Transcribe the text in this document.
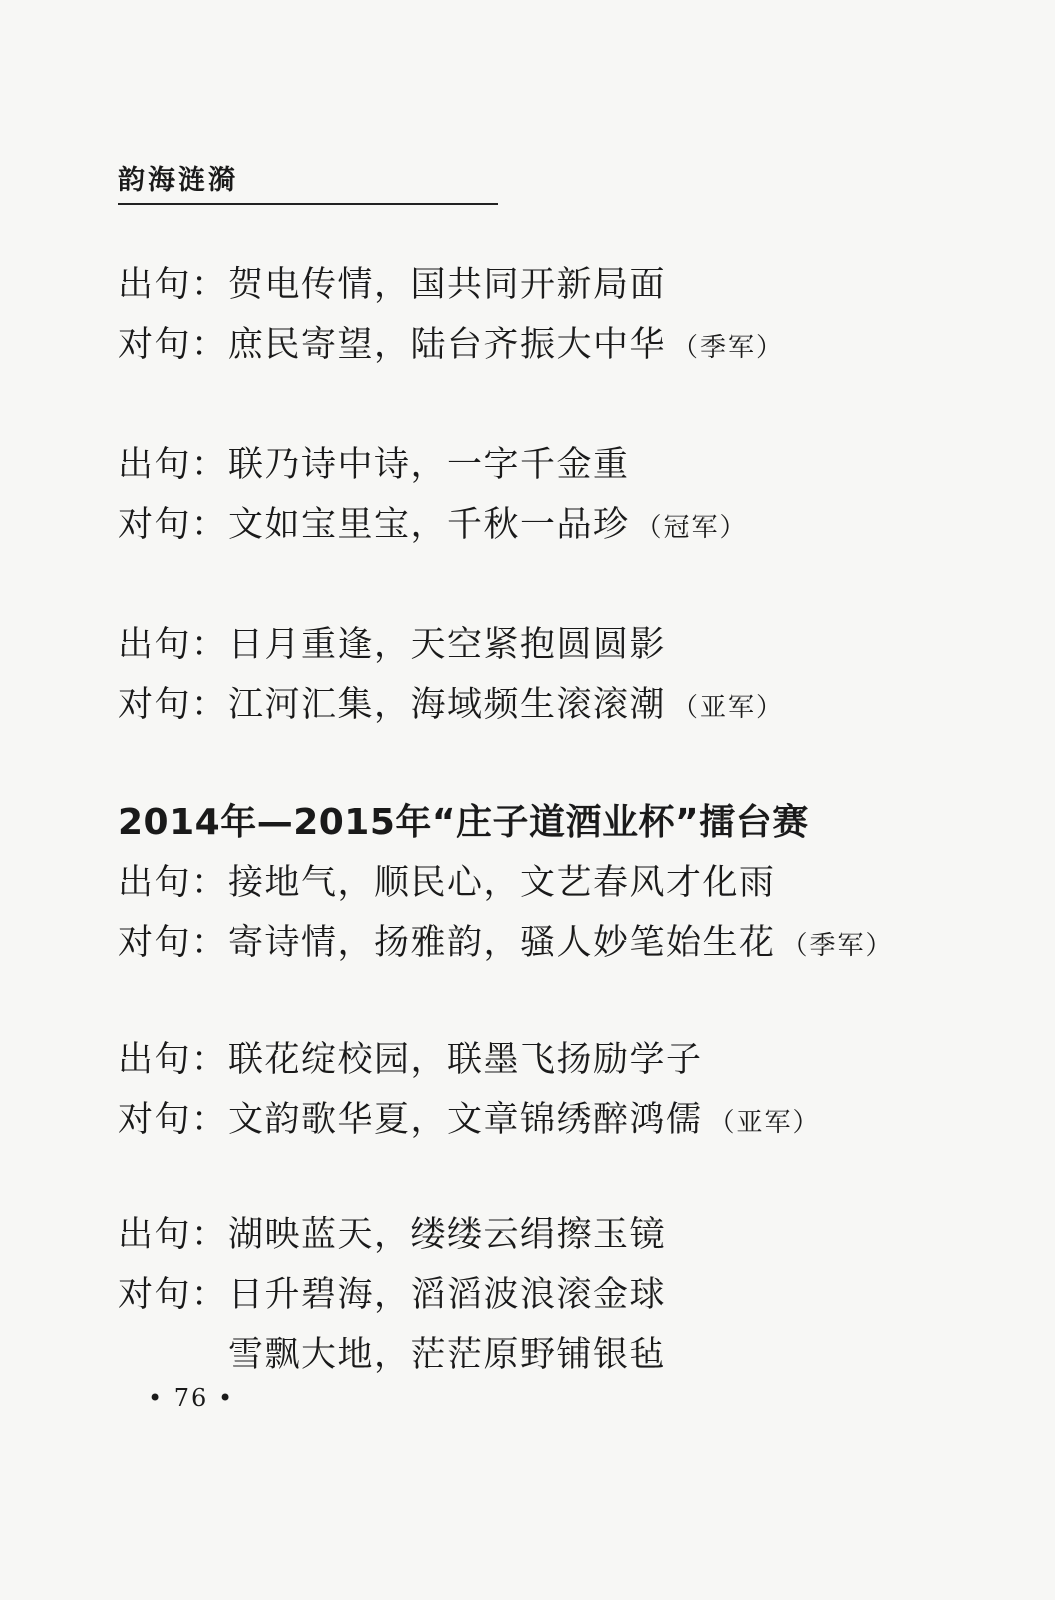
韵海涟漪
出句： 贺电传情，国共同开新局面
对句： 庶民寄望，陆台齐振大中华 （季军）
出句： 联乃诗中诗，一字千金重
对句： 文如宝里宝，千秋一品珍 （冠军）
出句： 日月重逢，天空紧抱圆圆影
对句： 江河汇集，海域频生滚滚潮 （亚军）
2014年—2015年“庄子道酒业杯”擂台赛
出句： 接地气，顺民心，文艺春风才化雨
对句： 寄诗情，扬雅韵，骚人妙笔始生花 （季军）
出句： 联花绽校园，联墨飞扬励学子
对句： 文韵歌华夏，文章锦绣醉鸿儒 （亚军）
出句： 湖映蓝天，缕缕云绢擦玉镜
对句： 日升碧海，滔滔波浪滚金球
雪飘大地，茫茫原野铺银毡
• 76 •
